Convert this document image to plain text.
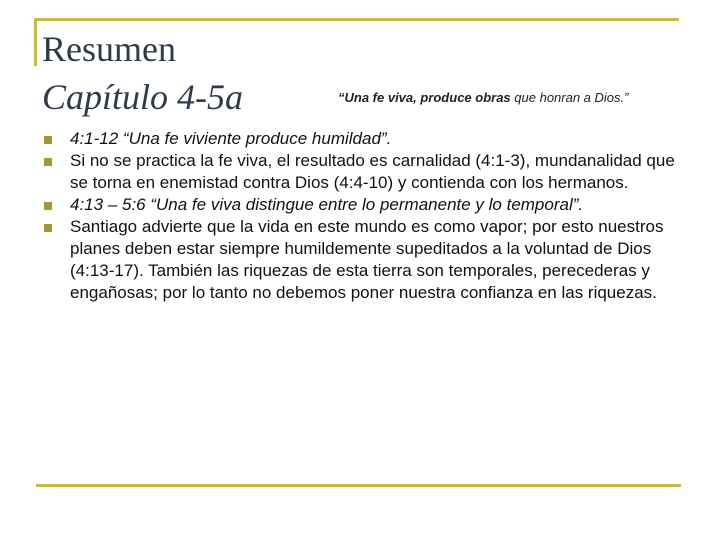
Resumen
Capítulo 4-5a	“Una fe viva, produce obras que honran a Dios.”
4:1-12 “Una fe viviente produce humildad”.
Si no se practica la fe viva, el resultado es carnalidad (4:1-3), mundanalidad que se torna en enemistad contra Dios (4:4-10) y contienda con los hermanos.
4:13 – 5:6 “Una fe viva distingue entre lo permanente y lo temporal”.
Santiago advierte que la vida en este mundo es como vapor; por esto nuestros planes deben estar siempre humildemente supeditados a la voluntad de Dios (4:13-17). También las riquezas de esta tierra son temporales, perecederas y engañosas; por lo tanto no debemos poner nuestra confianza en las riquezas.
